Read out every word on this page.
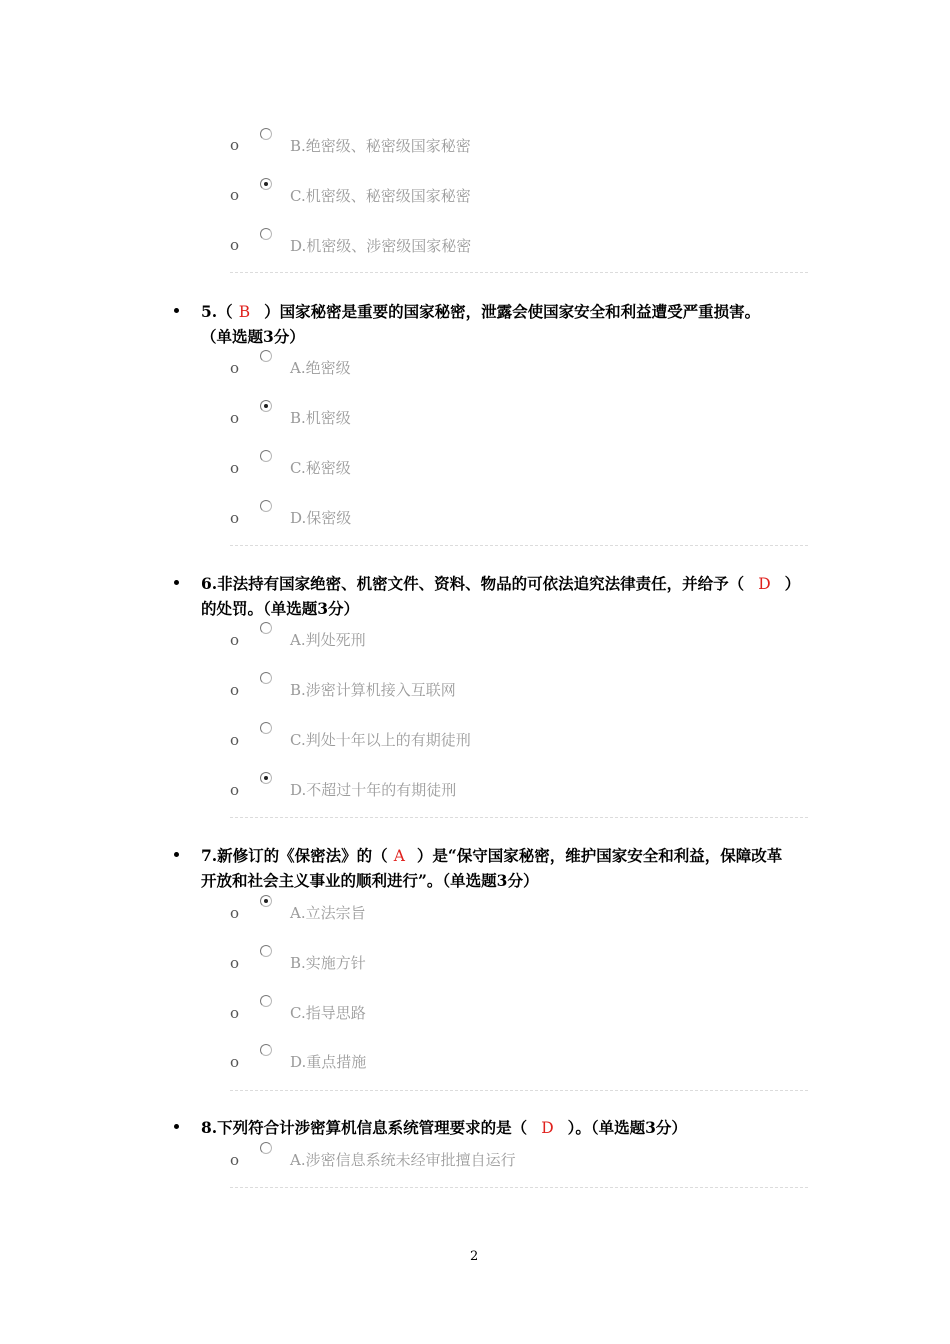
o	B.绝密级、秘密级国家秘密
o	C.机密级、秘密级国家秘密
o	D.机密级、涉密级国家秘密
5.（ B ）国家秘密是重要的国家秘密，泄露会使国家安全和利益遭受严重损害。
（单选题3分）
o	A.绝密级
o	B.机密级
o	C.秘密级
o	D.保密级
6.非法持有国家绝密、机密文件、资料、物品的可依法追究法律责任，并给予（ D ）
的处罚。（单选题3分）
o	A.判处死刑
o	B.涉密计算机接入互联网
o	C.判处十年以上的有期徒刑
o	D.不超过十年的有期徒刑
7.新修订的《保密法》的（ A ）是“保守国家秘密，维护国家安全和利益，保障改革
开放和社会主义事业的顺利进行”。（单选题3分）
o	A.立法宗旨
o	B.实施方针
o	C.指导思路
o	D.重点措施
8.下列符合计涉密算机信息系统管理要求的是（ D ）。（单选题3分）
o	A.涉密信息系统未经审批擅自运行
2
